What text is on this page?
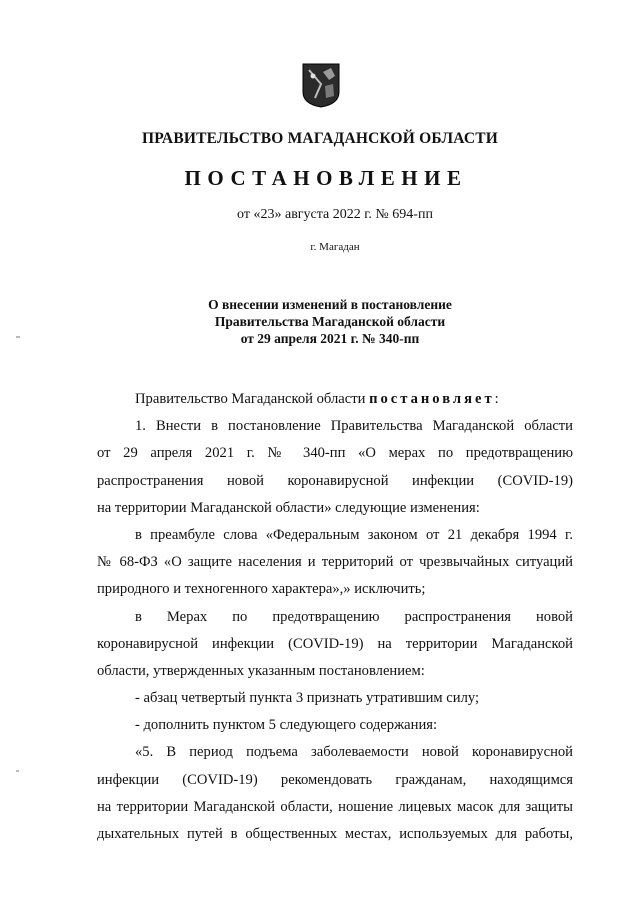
ПРАВИТЕЛЬСТВО МАГАДАНСКОЙ ОБЛАСТИ
ПОСТАНОВЛЕНИЕ
от «23» августа 2022 г. № 694-пп
г. Магадан
О внесении изменений в постановление
Правительства Магаданской области
от 29 апреля 2021 г. № 340-пп
Правительство Магаданской области постановляет:
1. Внести в постановление Правительства Магаданской области
от 29 апреля 2021 г. № 340-пп «О мерах по предотвращению
распространения новой коронавирусной инфекции (COVID-19)
на территории Магаданской области» следующие изменения:
в преамбуле слова «Федеральным законом от 21 декабря 1994 г.
№ 68-ФЗ «О защите населения и территорий от чрезвычайных ситуаций
природного и техногенного характера»,» исключить;
в Мерах по предотвращению распространения новой
коронавирусной инфекции (COVID-19) на территории Магаданской
области, утвержденных указанным постановлением:
- абзац четвертый пункта 3 признать утратившим силу;
- дополнить пунктом 5 следующего содержания:
«5. В период подъема заболеваемости новой коронавирусной
инфекции (COVID-19) рекомендовать гражданам, находящимся
на территории Магаданской области, ношение лицевых масок для защиты
дыхательных путей в общественных местах, используемых для работы,
